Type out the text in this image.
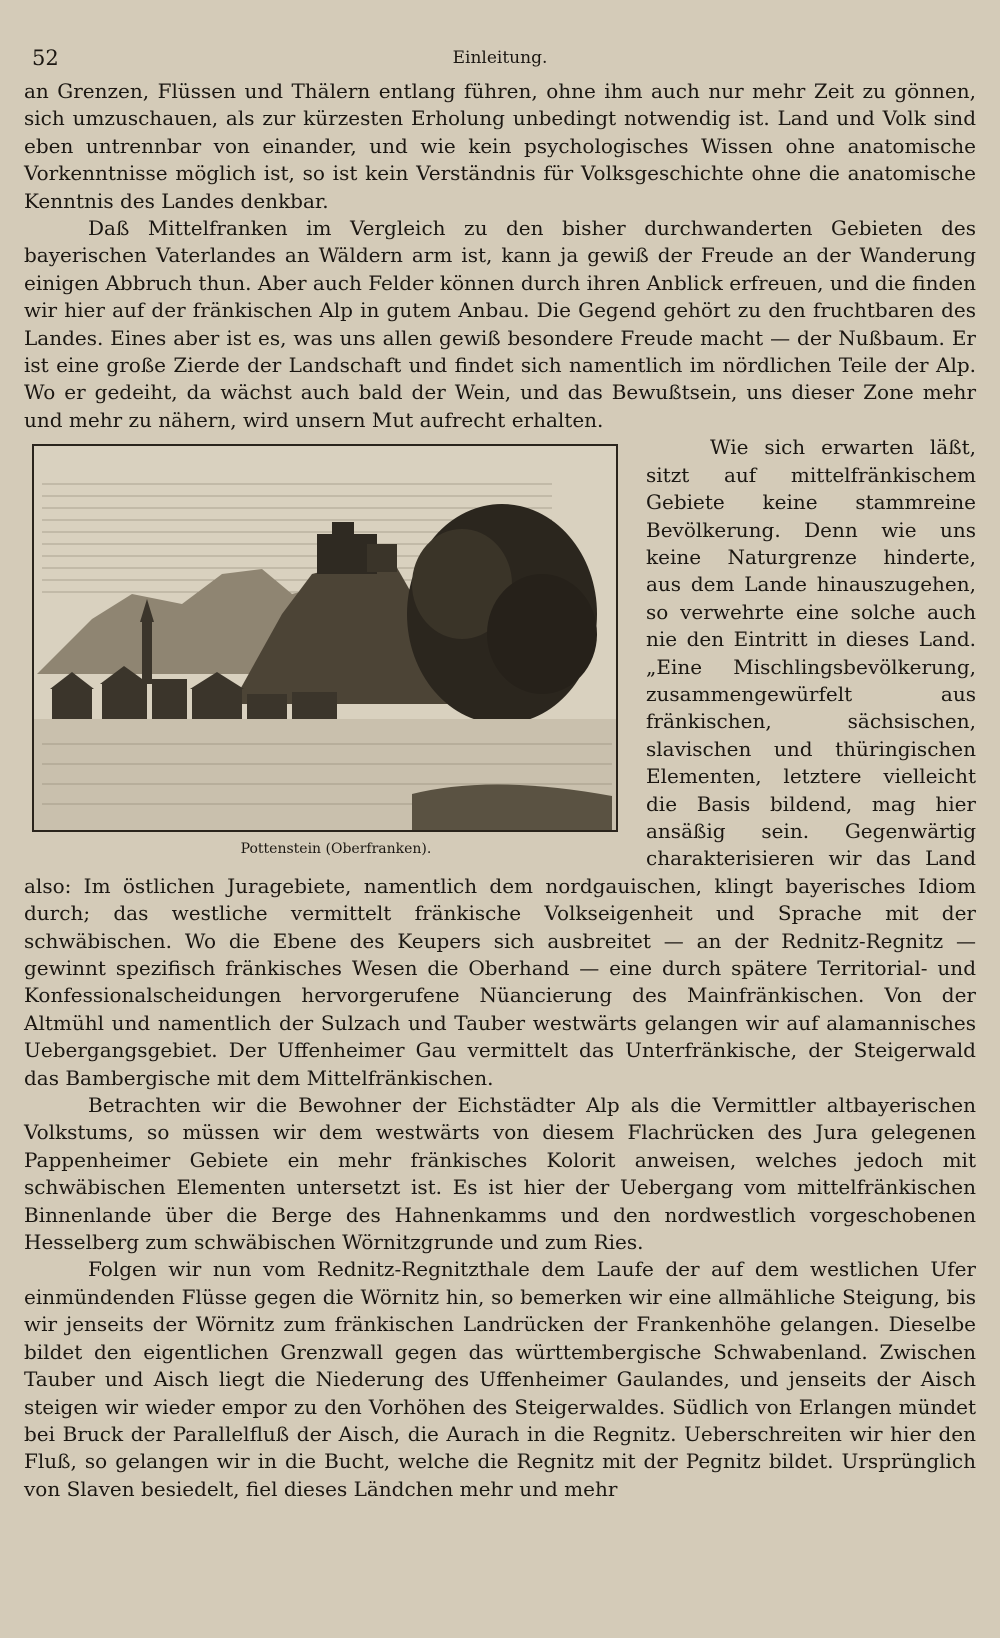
52	Einleitung.

an Grenzen, Flüssen und Thälern entlang führen, ohne ihm auch nur mehr Zeit zu gönnen, sich umzuschauen, als zur kürzesten Erholung unbedingt notwendig ist. Land und Volk sind eben untrennbar von einander, und wie kein psychologisches Wissen ohne anatomische Vorkenntnisse möglich ist, so ist kein Verständnis für Volksgeschichte ohne die anatomische Kenntnis des Landes denkbar.

Daß Mittelfranken im Vergleich zu den bisher durchwanderten Gebieten des bayerischen Vaterlandes an Wäldern arm ist, kann ja gewiß der Freude an der Wanderung einigen Abbruch thun. Aber auch Felder können durch ihren Anblick erfreuen, und die finden wir hier auf der fränkischen Alp in gutem Anbau. Die Gegend gehört zu den fruchtbaren des Landes. Eines aber ist es, was uns allen gewiß besondere Freude macht — der Nußbaum. Er ist eine große Zierde der Landschaft und findet sich namentlich im nördlichen Teile der Alp. Wo er gedeiht, da wächst auch bald der Wein, und das Bewußtsein, uns dieser Zone mehr und mehr zu nähern, wird unsern Mut aufrecht erhalten.

Pottenstein (Oberfranken).

Wie sich erwarten läßt, sitzt auf mittelfränkischem Gebiete keine stammreine Bevölkerung. Denn wie uns keine Naturgrenze hinderte, aus dem Lande hinauszugehen, so verwehrte eine solche auch nie den Eintritt in dieses Land. „Eine Mischlingsbevölkerung, zusammengewürfelt aus fränkischen, sächsischen, slavischen und thüringischen Elementen, letztere vielleicht die Basis bildend, mag hier ansäßig sein. Gegenwärtig charakterisieren wir das Land also: Im östlichen Juragebiete, namentlich dem nordgauischen, klingt bayerisches Idiom durch; das westliche vermittelt fränkische Volkseigenheit und Sprache mit der schwäbischen. Wo die Ebene des Keupers sich ausbreitet — an der Rednitz-Regnitz — gewinnt spezifisch fränkisches Wesen die Oberhand — eine durch spätere Territorial- und Konfessionalscheidungen hervorgerufene Nüancierung des Mainfränkischen. Von der Altmühl und namentlich der Sulzach und Tauber westwärts gelangen wir auf alamannisches Uebergangsgebiet. Der Uffenheimer Gau vermittelt das Unterfränkische, der Steigerwald das Bambergische mit dem Mittelfränkischen.

Betrachten wir die Bewohner der Eichstädter Alp als die Vermittler altbayerischen Volkstums, so müssen wir dem westwärts von diesem Flachrücken des Jura gelegenen Pappenheimer Gebiete ein mehr fränkisches Kolorit anweisen, welches jedoch mit schwäbischen Elementen untersetzt ist. Es ist hier der Uebergang vom mittelfränkischen Binnenlande über die Berge des Hahnenkamms und den nordwestlich vorgeschobenen Hesselberg zum schwäbischen Wörnitzgrunde und zum Ries.

Folgen wir nun vom Rednitz-Regnitzthale dem Laufe der auf dem westlichen Ufer einmündenden Flüsse gegen die Wörnitz hin, so bemerken wir eine allmähliche Steigung, bis wir jenseits der Wörnitz zum fränkischen Landrücken der Frankenhöhe gelangen. Dieselbe bildet den eigentlichen Grenzwall gegen das württembergische Schwabenland. Zwischen Tauber und Aisch liegt die Niederung des Uffenheimer Gaulandes, und jenseits der Aisch steigen wir wieder empor zu den Vorhöhen des Steigerwaldes. Südlich von Erlangen mündet bei Bruck der Parallelfluß der Aisch, die Aurach in die Regnitz. Ueberschreiten wir hier den Fluß, so gelangen wir in die Bucht, welche die Regnitz mit der Pegnitz bildet. Ursprünglich von Slaven besiedelt, fiel dieses Ländchen mehr und mehr
